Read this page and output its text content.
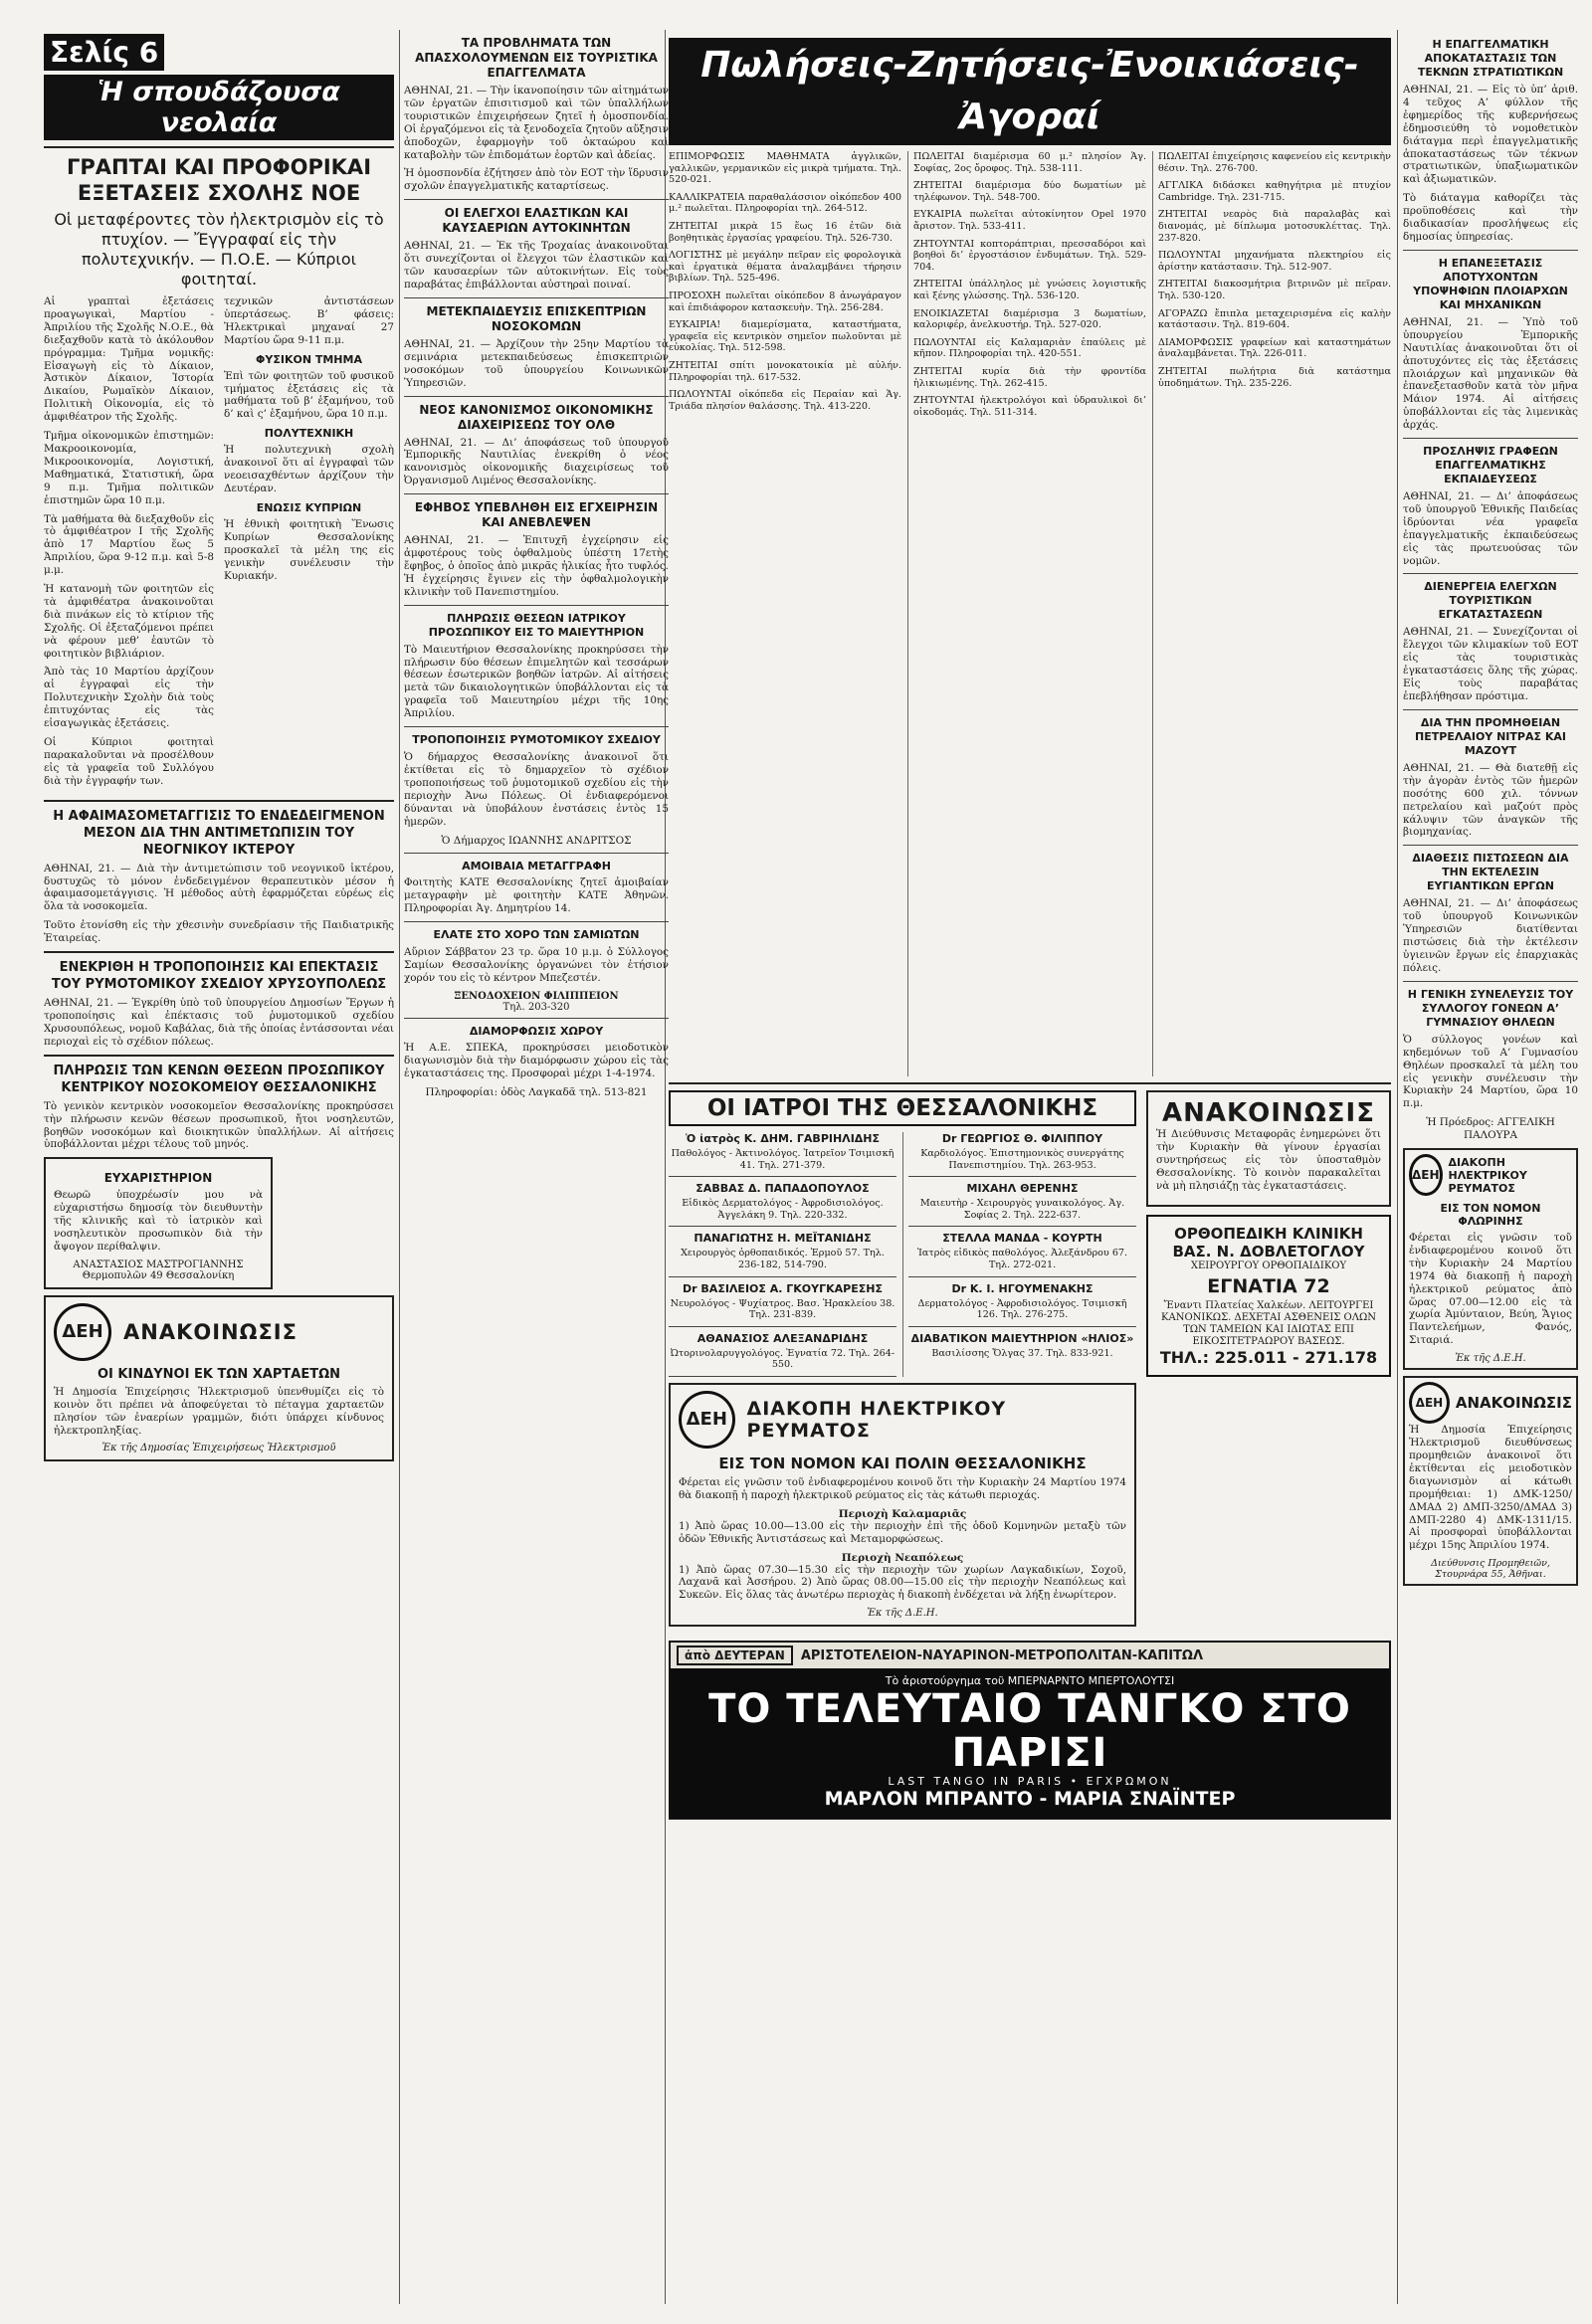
Σελίς 6
Ἡ σπουδάζουσα νεολαία
ΓΡΑΠΤΑΙ ΚΑΙ ΠΡΟΦΟΡΙΚΑΙ ΕΞΕΤΑΣΕΙΣ ΣΧΟΛΗΣ ΝΟΕ
Οἱ μεταφέροντες τὸν ἠλεκτρισμὸν εἰς τὸ πτυχίον. — Ἔγγραφαί εἰς τὴν πολυτεχνικήν. — Π.Ο.Ε. — Κύπριοι φοιτηταί.

Αἱ γραπταὶ ἐξετάσεις προαγωγικαὶ, Μαρτίου - Ἀπριλίου τῆς Σχολῆς Ν.Ο.Ε., θὰ διεξαχθοῦν κατὰ τὸ ἀκόλουθον πρόγραμμα: Τμῆμα νομικῆς: Εἰσαγωγὴ εἰς τὸ Δίκαιον, Ἀστικὸν Δίκαιον, Ἱστορία Δικαίου, Ρωμαϊκὸν Δίκαιον, Πολιτικὴ Οἰκονομία, εἰς τὸ ἀμφιθέατρον τῆς Σχολῆς.

Τμῆμα οἰκονομικῶν ἐπιστημῶν: Μακροοικονομία, Μικροοικονομία, Λογιστική, Μαθηματικά, Στατιστική, ὥρα 9 π.μ. Τμῆμα πολιτικῶν ἐπιστημῶν ὥρα 10 π.μ.

Τὰ μαθήματα θὰ διεξαχθοῦν εἰς τὸ ἀμφιθέατρον Ι τῆς Σχολῆς ἀπὸ 17 Μαρτίου ἕως 5 Ἀπριλίου, ὥρα 9-12 π.μ. καὶ 5-8 μ.μ.

Ἡ κατανομὴ τῶν φοιτητῶν εἰς τὰ ἀμφιθέατρα ἀνακοινοῦται διὰ πινάκων εἰς τὸ κτίριον τῆς Σχολῆς. Οἱ ἐξεταζόμενοι πρέπει νὰ φέρουν μεθ’ ἑαυτῶν τὸ φοιτητικὸν βιβλιάριον.

Ἀπὸ τὰς 10 Μαρτίου ἀρχίζουν αἱ ἐγγραφαὶ εἰς τὴν Πολυτεχνικὴν Σχολὴν διὰ τοὺς ἐπιτυχόντας εἰς τὰς εἰσαγωγικὰς ἐξετάσεις.

Οἱ Κύπριοι φοιτηταὶ παρακαλοῦνται νὰ προσέλθουν εἰς τὰ γραφεῖα τοῦ Συλλόγου διὰ τὴν ἐγγραφήν των.

τεχνικῶν ἀντιστάσεων ὑπερτάσεως. Β’ φάσεις: Ἠλεκτρικαὶ μηχαναί 27 Μαρτίου ὥρα 9-11 π.μ.

ΦΥΣΙΚΟΝ ΤΜΗΜΑ

Ἐπὶ τῶν φοιτητῶν τοῦ φυσικοῦ τμήματος ἐξετάσεις εἰς τὰ μαθήματα τοῦ β’ ἑξαμήνου, τοῦ δ’ καὶ ς’ ἑξαμήνου, ὥρα 10 π.μ.

ΠΟΛΥΤΕΧΝΙΚΗ

Ἡ πολυτεχνικὴ σχολὴ ἀνακοινοῖ ὅτι αἱ ἐγγραφαὶ τῶν νεοεισαχθέντων ἀρχίζουν τὴν Δευτέραν.

ΕΝΩΣΙΣ ΚΥΠΡΙΩΝ

Ἡ ἐθνικὴ φοιτητικὴ Ἕνωσις Κυπρίων Θεσσαλονίκης προσκαλεῖ τὰ μέλη της εἰς γενικὴν συνέλευσιν τὴν Κυριακήν.

Η ΑΦΑΙΜΑΣΟΜΕΤΑΓΓΙΣΙΣ ΤΟ ΕΝΔΕΔΕΙΓΜΕΝΟΝ ΜΕΣΟΝ ΔΙΑ ΤΗΝ ΑΝΤΙΜΕΤΩΠΙΣΙΝ ΤΟΥ ΝΕΟΓΝΙΚΟΥ ΙΚΤΕΡΟΥ

ΑΘΗΝΑΙ, 21. — Διὰ τὴν ἀντιμετώπισιν τοῦ νεογνικοῦ ἰκτέρου, δυστυχῶς τὸ μόνον ἐνδεδειγμένον θεραπευτικὸν μέσον ἡ ἀφαιμασομετάγγισις. Ἡ μέθοδος αὐτὴ ἐφαρμόζεται εὐρέως εἰς ὅλα τὰ νοσοκομεῖα.

Τοῦτο ἐτονίσθη εἰς τὴν χθεσινὴν συνεδρίασιν τῆς Παιδιατρικῆς Ἑταιρείας.

ΕΝΕΚΡΙΘΗ Η ΤΡΟΠΟΠΟΙΗΣΙΣ ΚΑΙ ΕΠΕΚΤΑΣΙΣ ΤΟΥ ΡΥΜΟΤΟΜΙΚΟΥ ΣΧΕΔΙΟΥ ΧΡΥΣΟΥΠΟΛΕΩΣ

ΑΘΗΝΑΙ, 21. — Ἐγκρίθη ὑπὸ τοῦ ὑπουργείου Δημοσίων Ἔργων ἡ τροποποίησις καὶ ἐπέκτασις τοῦ ῥυμοτομικοῦ σχεδίου Χρυσουπόλεως, νομοῦ Καβάλας, διὰ τῆς ὁποίας ἐντάσσονται νέαι περιοχαὶ εἰς τὸ σχέδιον πόλεως.

ΠΛΗΡΩΣΙΣ ΤΩΝ ΚΕΝΩΝ ΘΕΣΕΩΝ ΠΡΟΣΩΠΙΚΟΥ ΚΕΝΤΡΙΚΟΥ ΝΟΣΟΚΟΜΕΙΟΥ ΘΕΣΣΑΛΟΝΙΚΗΣ

Τὸ γενικὸν κεντρικὸν νοσοκομεῖον Θεσσαλονίκης προκηρύσσει τὴν πλήρωσιν κενῶν θέσεων προσωπικοῦ, ἤτοι νοσηλευτῶν, βοηθῶν νοσοκόμων καὶ διοικητικῶν ὑπαλλήλων. Αἱ αἰτήσεις ὑποβάλλονται μέχρι τέλους τοῦ μηνός.

ΕΥΧΑΡΙΣΤΗΡΙΟΝ

Θεωρῶ ὑποχρέωσίν μου νὰ εὐχαριστήσω δημοσίᾳ τὸν διευθυντὴν τῆς κλινικῆς καὶ τὸ ἰατρικὸν καὶ νοσηλευτικὸν προσωπικὸν διὰ τὴν ἄψογον περίθαλψιν.

ΑΝΑΣΤΑΣΙΟΣ ΜΑΣΤΡΟΓΙΑΝΝΗΣ
Θερμοπυλῶν 49 Θεσσαλονίκη
ΔΕΗ ΑΝΑΚΟΙΝΩΣΙΣ
ΟΙ ΚΙΝΔΥΝΟΙ ΕΚ ΤΩΝ ΧΑΡΤΑΕΤΩΝ

Ἡ Δημοσία Ἐπιχείρησις Ἠλεκτρισμοῦ ὑπενθυμίζει εἰς τὸ κοινὸν ὅτι πρέπει νὰ ἀποφεύγεται τὸ πέταγμα χαρταετῶν πλησίον τῶν ἐναερίων γραμμῶν, διότι ὑπάρχει κίνδυνος ἠλεκτροπληξίας.

Ἐκ τῆς Δημοσίας Ἐπιχειρήσεως Ἠλεκτρισμοῦ
ΤΑ ΠΡΟΒΛΗΜΑΤΑ ΤΩΝ ΑΠΑΣΧΟΛΟΥΜΕΝΩΝ ΕΙΣ ΤΟΥΡΙΣΤΙΚΑ ΕΠΑΓΓΕΛΜΑΤΑ

ΑΘΗΝΑΙ, 21. — Τὴν ἱκανοποίησιν τῶν αἰτημάτων τῶν ἐργατῶν ἐπισιτισμοῦ καὶ τῶν ὑπαλλήλων τουριστικῶν ἐπιχειρήσεων ζητεῖ ἡ ὁμοσπονδία. Οἱ ἐργαζόμενοι εἰς τὰ ξενοδοχεῖα ζητοῦν αὔξησιν ἀποδοχῶν, ἐφαρμογὴν τοῦ ὀκταώρου καὶ καταβολὴν τῶν ἐπιδομάτων ἑορτῶν καὶ ἀδείας.

Ἡ ὁμοσπονδία ἐζήτησεν ἀπὸ τὸν ΕΟΤ τὴν ἵδρυσιν σχολῶν ἐπαγγελματικῆς καταρτίσεως.

ΟΙ ΕΛΕΓΧΟΙ ΕΛΑΣΤΙΚΩΝ ΚΑΙ ΚΑΥΣΑΕΡΙΩΝ ΑΥΤΟΚΙΝΗΤΩΝ

ΑΘΗΝΑΙ, 21. — Ἐκ τῆς Τροχαίας ἀνακοινοῦται ὅτι συνεχίζονται οἱ ἔλεγχοι τῶν ἐλαστικῶν καὶ τῶν καυσαερίων τῶν αὐτοκινήτων. Εἰς τοὺς παραβάτας ἐπιβάλλονται αὐστηραὶ ποιναί.

ΜΕΤΕΚΠΑΙΔΕΥΣΙΣ ΕΠΙΣΚΕΠΤΡΙΩΝ ΝΟΣΟΚΟΜΩΝ

ΑΘΗΝΑΙ, 21. — Ἀρχίζουν τὴν 25ην Μαρτίου τὰ σεμινάρια μετεκπαιδεύσεως ἐπισκεπτριῶν νοσοκόμων τοῦ ὑπουργείου Κοινωνικῶν Ὑπηρεσιῶν.

ΝΕΟΣ ΚΑΝΟΝΙΣΜΟΣ ΟΙΚΟΝΟΜΙΚΗΣ ΔΙΑΧΕΙΡΙΣΕΩΣ ΤΟΥ ΟΛΘ

ΑΘΗΝΑΙ, 21. — Δι’ ἀποφάσεως τοῦ ὑπουργοῦ Ἐμπορικῆς Ναυτιλίας ἐνεκρίθη ὁ νέος κανονισμὸς οἰκονομικῆς διαχειρίσεως τοῦ Ὀργανισμοῦ Λιμένος Θεσσαλονίκης.

ΕΦΗΒΟΣ ΥΠΕΒΛΗΘΗ ΕΙΣ ΕΓΧΕΙΡΗΣΙΝ ΚΑΙ ΑΝΕΒΛΕΨΕΝ

ΑΘΗΝΑΙ, 21. — Ἐπιτυχῆ ἐγχείρησιν εἰς ἀμφοτέρους τοὺς ὀφθαλμοὺς ὑπέστη 17ετὴς ἔφηβος, ὁ ὁποῖος ἀπὸ μικρᾶς ἡλικίας ἦτο τυφλός. Ἡ ἐγχείρησις ἔγινεν εἰς τὴν ὀφθαλμολογικὴν κλινικὴν τοῦ Πανεπιστημίου.

ΠΛΗΡΩΣΙΣ ΘΕΣΕΩΝ ΙΑΤΡΙΚΟΥ ΠΡΟΣΩΠΙΚΟΥ ΕΙΣ ΤΟ ΜΑΙΕΥΤΗΡΙΟΝ

Τὸ Μαιευτήριον Θεσσαλονίκης προκηρύσσει τὴν πλήρωσιν δύο θέσεων ἐπιμελητῶν καὶ τεσσάρων θέσεων ἐσωτερικῶν βοηθῶν ἰατρῶν. Αἱ αἰτήσεις μετὰ τῶν δικαιολογητικῶν ὑποβάλλονται εἰς τὰ γραφεῖα τοῦ Μαιευτηρίου μέχρι τῆς 10ης Ἀπριλίου.

ΤΡΟΠΟΠΟΙΗΣΙΣ ΡΥΜΟΤΟΜΙΚΟΥ ΣΧΕΔΙΟΥ

Ὁ δήμαρχος Θεσσαλονίκης ἀνακοινοῖ ὅτι ἐκτίθεται εἰς τὸ δημαρχεῖον τὸ σχέδιον τροποποιήσεως τοῦ ῥυμοτομικοῦ σχεδίου εἰς τὴν περιοχὴν Ἀνω Πόλεως. Οἱ ἐνδιαφερόμενοι δύνανται νὰ ὑποβάλουν ἐνστάσεις ἐντὸς 15 ἡμερῶν.

Ὁ Δήμαρχος ΙΩΑΝΝΗΣ ΑΝΔΡΙΤΣΟΣ

ΑΜΟΙΒΑΙΑ ΜΕΤΑΓΓΡΑΦΗ

Φοιτητὴς ΚΑΤΕ Θεσσαλονίκης ζητεῖ ἀμοιβαίαν μεταγραφὴν μὲ φοιτητὴν ΚΑΤΕ Ἀθηνῶν. Πληροφορίαι Ἀγ. Δημητρίου 14.

ΕΛΑΤΕ ΣΤΟ ΧΟΡΟ ΤΩΝ ΣΑΜΙΩΤΩΝ

Αὔριον Σάββατον 23 τρ. ὥρα 10 μ.μ. ὁ Σύλλογος Σαμίων Θεσσαλονίκης ὀργανώνει τὸν ἐτήσιον χορόν του εἰς τὸ κέντρον Μπεζεστέν.

ΞΕΝΟΔΟΧΕΙΟΝ ΦΙΛΙΠΠΕΙΟΝ
Τηλ. 203-320
ΔΙΑΜΟΡΦΩΣΙΣ ΧΩΡΟΥ

Ἡ Α.Ε. ΣΠΕΚΑ, προκηρύσσει μειοδοτικὸν διαγωνισμὸν διὰ τὴν διαμόρφωσιν χώρου εἰς τὰς ἐγκαταστάσεις της. Προσφοραὶ μέχρι 1-4-1974.

Πληροφορίαι: ὁδὸς Λαγκαδᾶ τηλ. 513-821

Πωλήσεις-Ζητήσεις-Ἐνοικιάσεις-Ἀγοραί

ΕΠΙΜΟΡΦΩΣΙΣ ΜΑΘΗΜΑΤΑ ἀγγλικῶν, γαλλικῶν, γερμανικῶν εἰς μικρὰ τμήματα. Τηλ. 520-021.

ΚΑΛΛΙΚΡΑΤΕΙΑ παραθαλάσσιον οἰκόπεδον 400 μ.² πωλεῖται. Πληροφορίαι τηλ. 264-512.

ΖΗΤΕΙΤΑΙ μικρὰ 15 ἕως 16 ἐτῶν διὰ βοηθητικὰς ἐργασίας γραφείου. Τηλ. 526-730.

ΛΟΓΙΣΤΗΣ μὲ μεγάλην πεῖραν εἰς φορολογικὰ καὶ ἐργατικὰ θέματα ἀναλαμβάνει τήρησιν βιβλίων. Τηλ. 525-496.

ΠΡΟΣΟΧΗ πωλεῖται οἰκόπεδον 8 ἀνωγάραγον καὶ ἐπιδιάφορον κατασκευὴν. Τηλ. 256-284.

ΕΥΚΑΙΡΙΑ! διαμερίσματα, καταστήματα, γραφεῖα εἰς κεντρικὸν σημεῖον πωλοῦνται μὲ εὐκολίας. Τηλ. 512-598.

ΖΗΤΕΙΤΑΙ σπίτι μονοκατοικία μὲ αὐλήν. Πληροφορίαι τηλ. 617-532.

ΠΩΛΟΥΝΤΑΙ οἰκόπεδα εἰς Περαίαν καὶ Ἁγ. Τριάδα πλησίον θαλάσσης. Τηλ. 413-220.

ΠΩΛΕΙΤΑΙ διαμέρισμα 60 μ.² πλησίον Ἁγ. Σοφίας, 2ος ὄροφος. Τηλ. 538-111.

ΖΗΤΕΙΤΑΙ διαμέρισμα δύο δωματίων μὲ τηλέφωνον. Τηλ. 548-700.

ΕΥΚΑΙΡΙΑ πωλεῖται αὐτοκίνητον Opel 1970 ἄριστον. Τηλ. 533-411.

ΖΗΤΟΥΝΤΑΙ κοπτοράπτριαι, πρεσσαδόροι καὶ βοηθοὶ δι’ ἐργοστάσιον ἐνδυμάτων. Τηλ. 529-704.

ΖΗΤΕΙΤΑΙ ὑπάλληλος μὲ γνώσεις λογιστικῆς καὶ ξένης γλώσσης. Τηλ. 536-120.

ΕΝΟΙΚΙΑΖΕΤΑΙ διαμέρισμα 3 δωματίων, καλοριφέρ, ἀνελκυστήρ. Τηλ. 527-020.

ΠΩΛΟΥΝΤΑΙ εἰς Καλαμαριὰν ἐπαύλεις μὲ κῆπον. Πληροφορίαι τηλ. 420-551.

ΖΗΤΕΙΤΑΙ κυρία διὰ τὴν φροντίδα ἡλικιωμένης. Τηλ. 262-415.

ΖΗΤΟΥΝΤΑΙ ἠλεκτρολόγοι καὶ ὑδραυλικοὶ δι’ οἰκοδομάς. Τηλ. 511-314.

ΠΩΛΕΙΤΑΙ ἐπιχείρησις καφενείου εἰς κεντρικὴν θέσιν. Τηλ. 276-700.

ΑΓΓΛΙΚΑ διδάσκει καθηγήτρια μὲ πτυχίον Cambridge. Τηλ. 231-715.

ΖΗΤΕΙΤΑΙ νεαρὸς διὰ παραλαβὰς καὶ διανομάς, μὲ δίπλωμα μοτοσυκλέττας. Τηλ. 237-820.

ΠΩΛΟΥΝΤΑΙ μηχανήματα πλεκτηρίου εἰς ἀρίστην κατάστασιν. Τηλ. 512-907.

ΖΗΤΕΙΤΑΙ διακοσμήτρια βιτρινῶν μὲ πεῖραν. Τηλ. 530-120.

ΑΓΟΡΑΖΩ ἔπιπλα μεταχειρισμένα εἰς καλὴν κατάστασιν. Τηλ. 819-604.

ΔΙΑΜΟΡΦΩΣΙΣ γραφείων καὶ καταστημάτων ἀναλαμβάνεται. Τηλ. 226-011.

ΖΗΤΕΙΤΑΙ πωλήτρια διὰ κατάστημα ὑποδημάτων. Τηλ. 235-226.

ΟΙ ΙΑΤΡΟΙ ΤΗΣ ΘΕΣΣΑΛΟΝΙΚΗΣ
Ὁ ἰατρὸς Κ. ΔΗΜ. ΓΑΒΡΙΗΛΙΔΗΣ
Παθολόγος - Ἀκτινολόγος. Ἰατρεῖον Τσιμισκῆ 41. Τηλ. 271-379.
ΣΑΒΒΑΣ Δ. ΠΑΠΑΔΟΠΟΥΛΟΣ
Εἰδικὸς Δερματολόγος - Ἀφροδισιολόγος. Ἀγγελάκη 9. Τηλ. 220-332.
ΠΑΝΑΓΙΩΤΗΣ Η. ΜΕΪΤΑΝΙΔΗΣ
Χειρουργὸς ὀρθοπαιδικός. Ἑρμοῦ 57. Τηλ. 236-182, 514-790.
Dr ΒΑΣΙΛΕΙΟΣ Α. ΓΚΟΥΓΚΑΡΕΣΗΣ
Νευρολόγος - Ψυχίατρος. Βασ. Ἡρακλείου 38. Τηλ. 231-839.
ΑΘΑΝΑΣΙΟΣ ΑΛΕΞΑΝΔΡΙΔΗΣ
Ὠτορινολαρυγγολόγος. Ἐγνατία 72. Τηλ. 264-550.
Dr ΓΕΩΡΓΙΟΣ Θ. ΦΙΛΙΠΠΟΥ
Καρδιολόγος. Ἐπιστημονικὸς συνεργάτης Πανεπιστημίου. Τηλ. 263-953.
ΜΙΧΑΗΛ ΘΕΡΕΝΗΣ
Μαιευτὴρ - Χειρουργὸς γυναικολόγος. Ἀγ. Σοφίας 2. Τηλ. 222-637.
ΣΤΕΛΛΑ ΜΑΝΔΑ - ΚΟΥΡΤΗ
Ἰατρὸς εἰδικὸς παθολόγος. Ἀλεξάνδρου 67. Τηλ. 272-021.
Dr Κ. Ι. ΗΓΟΥΜΕΝΑΚΗΣ
Δερματολόγος - Ἀφροδισιολόγος. Τσιμισκῆ 126. Τηλ. 276-275.
ΔΙΑΒΑΤΙΚΟΝ ΜΑΙΕΥΤΗΡΙΟΝ «ΗΛΙΟΣ»
Βασιλίσσης Ὄλγας 37. Τηλ. 833-921.
ΔΕΗ	ΔΙΑΚΟΠΗ ΗΛΕΚΤΡΙΚΟΥ ΡΕΥΜΑΤΟΣ
ΕΙΣ ΤΟΝ ΝΟΜΟΝ ΚΑΙ ΠΟΛΙΝ ΘΕΣΣΑΛΟΝΙΚΗΣ

Φέρεται εἰς γνῶσιν τοῦ ἐνδιαφερομένου κοινοῦ ὅτι τὴν Κυριακὴν 24 Μαρτίου 1974 θὰ διακοπῇ ἡ παροχὴ ἠλεκτρικοῦ ρεύματος εἰς τὰς κάτωθι περιοχάς.

Περιοχὴ Καλαμαριᾶς

1) Ἀπὸ ὥρας 10.00—13.00 εἰς τὴν περιοχὴν ἐπὶ τῆς ὁδοῦ Κομνηνῶν μεταξὺ τῶν ὁδῶν Ἐθνικῆς Ἀντιστάσεως καὶ Μεταμορφώσεως.

Περιοχὴ Νεαπόλεως

1) Ἀπὸ ὥρας 07.30—15.30 εἰς τὴν περιοχὴν τῶν χωρίων Λαγκαδικίων, Σοχοῦ, Λαχανᾶ καὶ Ἀσσήρου. 2) Ἀπὸ ὥρας 08.00—15.00 εἰς τὴν περιοχὴν Νεαπόλεως καὶ Συκεῶν. Εἰς ὅλας τὰς ἀνωτέρω περιοχὰς ἡ διακοπὴ ἐνδέχεται νὰ λήξῃ ἐνωρίτερον.

Ἐκ τῆς Δ.Ε.Η.
ΑΝΑΚΟΙΝΩΣΙΣ

Ἡ Διεύθυνσις Μεταφορᾶς ἐνημερώνει ὅτι τὴν Κυριακὴν θὰ γίνουν ἐργασίαι συντηρήσεως εἰς τὸν ὑποσταθμὸν Θεσσαλονίκης. Τὸ κοινὸν παρακαλεῖται νὰ μὴ πλησιάζῃ τὰς ἐγκαταστάσεις.

ΟΡΘΟΠΕΔΙΚΗ ΚΛΙΝΙΚΗ
ΒΑΣ. Ν. ΔΟΒΛΕΤΟΓΛΟΥ
ΧΕΙΡΟΥΡΓΟΥ ΟΡΘΟΠΑΙΔΙΚΟΥ
ΕΓΝΑΤΙΑ 72
Ἔναντι Πλατείας Χαλκέων. ΛΕΙΤΟΥΡΓΕΙ ΚΑΝΟΝΙΚΩΣ. ΔΕΧΕΤΑΙ ΑΣΘΕΝΕΙΣ ΟΛΩΝ ΤΩΝ ΤΑΜΕΙΩΝ ΚΑΙ ΙΔΙΩΤΑΣ ΕΠΙ ΕΙΚΟΣΙΤΕΤΡΑΩΡΟΥ ΒΑΣΕΩΣ.
ΤΗΛ.: 225.011 - 271.178
ἀπὸ ΔΕΥΤΕΡΑΝ	ΑΡΙΣΤΟΤΕΛΕΙΟΝ-ΝΑΥΑΡΙΝΟΝ-ΜΕΤΡΟΠΟΛΙΤΑΝ-ΚΑΠΙΤΩΛ
Τὸ ἀριστούργημα τοῦ ΜΠΕΡΝΑΡΝΤΟ ΜΠΕΡΤΟΛΟΥΤΣΙ
ΤΟ ΤΕΛΕΥΤΑΙΟ ΤΑΝΓΚΟ ΣΤΟ ΠΑΡΙΣΙ
LAST TANGO IN PARIS • ΕΓΧΡΩΜΟΝ
ΜΑΡΛΟΝ ΜΠΡΑΝΤΟ - ΜΑΡΙΑ ΣΝΑΪΝΤΕΡ
Η ΕΠΑΓΓΕΛΜΑΤΙΚΗ ΑΠΟΚΑΤΑΣΤΑΣΙΣ ΤΩΝ ΤΕΚΝΩΝ ΣΤΡΑΤΙΩΤΙΚΩΝ

ΑΘΗΝΑΙ, 21. — Εἰς τὸ ὑπ’ ἀριθ. 4 τεῦχος Α’ φύλλον τῆς ἐφημερίδος τῆς κυβερνήσεως ἐδημοσιεύθη τὸ νομοθετικὸν διάταγμα περὶ ἐπαγγελματικῆς ἀποκαταστάσεως τῶν τέκνων στρατιωτικῶν, ὑπαξιωματικῶν καὶ ἀξιωματικῶν.

Τὸ διάταγμα καθορίζει τὰς προϋποθέσεις καὶ τὴν διαδικασίαν προσλήψεως εἰς δημοσίας ὑπηρεσίας.

Η ΕΠΑΝΕΞΕΤΑΣΙΣ ΑΠΟΤΥΧΟΝΤΩΝ ΥΠΟΨΗΦΙΩΝ ΠΛΟΙΑΡΧΩΝ ΚΑΙ ΜΗΧΑΝΙΚΩΝ

ΑΘΗΝΑΙ, 21. — Ὑπὸ τοῦ ὑπουργείου Ἐμπορικῆς Ναυτιλίας ἀνακοινοῦται ὅτι οἱ ἀποτυχόντες εἰς τὰς ἐξετάσεις πλοιάρχων καὶ μηχανικῶν θὰ ἐπανεξετασθοῦν κατὰ τὸν μῆνα Μάιον 1974. Αἱ αἰτήσεις ὑποβάλλονται εἰς τὰς λιμενικὰς ἀρχάς.

ΠΡΟΣΛΗΨΙΣ ΓΡΑΦΕΩΝ ΕΠΑΓΓΕΛΜΑΤΙΚΗΣ ΕΚΠΑΙΔΕΥΣΕΩΣ

ΑΘΗΝΑΙ, 21. — Δι’ ἀποφάσεως τοῦ ὑπουργοῦ Ἐθνικῆς Παιδείας ἱδρύονται νέα γραφεῖα ἐπαγγελματικῆς ἐκπαιδεύσεως εἰς τὰς πρωτευούσας τῶν νομῶν.

ΔΙΕΝΕΡΓΕΙΑ ΕΛΕΓΧΩΝ ΤΟΥΡΙΣΤΙΚΩΝ ΕΓΚΑΤΑΣΤΑΣΕΩΝ

ΑΘΗΝΑΙ, 21. — Συνεχίζονται οἱ ἔλεγχοι τῶν κλιμακίων τοῦ ΕΟΤ εἰς τὰς τουριστικὰς ἐγκαταστάσεις ὅλης τῆς χώρας. Εἰς τοὺς παραβάτας ἐπεβλήθησαν πρόστιμα.

ΔΙΑ ΤΗΝ ΠΡΟΜΗΘΕΙΑΝ ΠΕΤΡΕΛΑΙΟΥ ΝΙΤΡΑΣ ΚΑΙ ΜΑΖΟΥΤ

ΑΘΗΝΑΙ, 21. — Θὰ διατεθῇ εἰς τὴν ἀγορὰν ἐντὸς τῶν ἡμερῶν ποσότης 600 χιλ. τόννων πετρελαίου καὶ μαζούτ πρὸς κάλυψιν τῶν ἀναγκῶν τῆς βιομηχανίας.

ΔΙΑΘΕΣΙΣ ΠΙΣΤΩΣΕΩΝ ΔΙΑ ΤΗΝ ΕΚΤΕΛΕΣΙΝ ΕΥΓΙΑΝΤΙΚΩΝ ΕΡΓΩΝ

ΑΘΗΝΑΙ, 21. — Δι’ ἀποφάσεως τοῦ ὑπουργοῦ Κοινωνικῶν Ὑπηρεσιῶν διατίθενται πιστώσεις διὰ τὴν ἐκτέλεσιν ὑγιεινῶν ἔργων εἰς ἐπαρχιακὰς πόλεις.

Η ΓΕΝΙΚΗ ΣΥΝΕΛΕΥΣΙΣ ΤΟΥ ΣΥΛΛΟΓΟΥ ΓΟΝΕΩΝ Α’ ΓΥΜΝΑΣΙΟΥ ΘΗΛΕΩΝ

Ὁ σύλλογος γονέων καὶ κηδεμόνων τοῦ Α’ Γυμνασίου Θηλέων προσκαλεῖ τὰ μέλη του εἰς γενικὴν συνέλευσιν τὴν Κυριακὴν 24 Μαρτίου, ὥρα 10 π.μ.

Ἡ Πρόεδρος: ΑΓΓΕΛΙΚΗ ΠΑΛΟΥΡΑ

ΔΕΗ
ΔΙΑΚΟΠΗ ΗΛΕΚΤΡΙΚΟΥ ΡΕΥΜΑΤΟΣ
ΕΙΣ ΤΟΝ ΝΟΜΟΝ ΦΛΩΡΙΝΗΣ

Φέρεται εἰς γνῶσιν τοῦ ἐνδιαφερομένου κοινοῦ ὅτι τὴν Κυριακὴν 24 Μαρτίου 1974 θὰ διακοπῇ ἡ παροχὴ ἠλεκτρικοῦ ρεύματος ἀπὸ ὥρας 07.00—12.00 εἰς τὰ χωρία Ἀμύνταιον, Βεύη, Ἄγιος Παντελεήμων, Φανός, Σιταριά.

Ἐκ τῆς Δ.Ε.Η.
ΔΕΗ ΑΝΑΚΟΙΝΩΣΙΣ

Ἡ Δημοσία Ἐπιχείρησις Ἠλεκτρισμοῦ διευθύνσεως προμηθειῶν ἀνακοινοῖ ὅτι ἐκτίθενται εἰς μειοδοτικὸν διαγωνισμὸν αἱ κάτωθι προμήθειαι: 1) ΔΜΚ-1250/ΔΜΑΔ 2) ΔΜΠ-3250/ΔΜΑΔ 3) ΔΜΠ-2280 4) ΔΜΚ-1311/15. Αἱ προσφοραὶ ὑποβάλλονται μέχρι 15ης Ἀπριλίου 1974.

Διεύθυνσις Προμηθειῶν, Στουρνάρα 55, Ἀθῆναι.
